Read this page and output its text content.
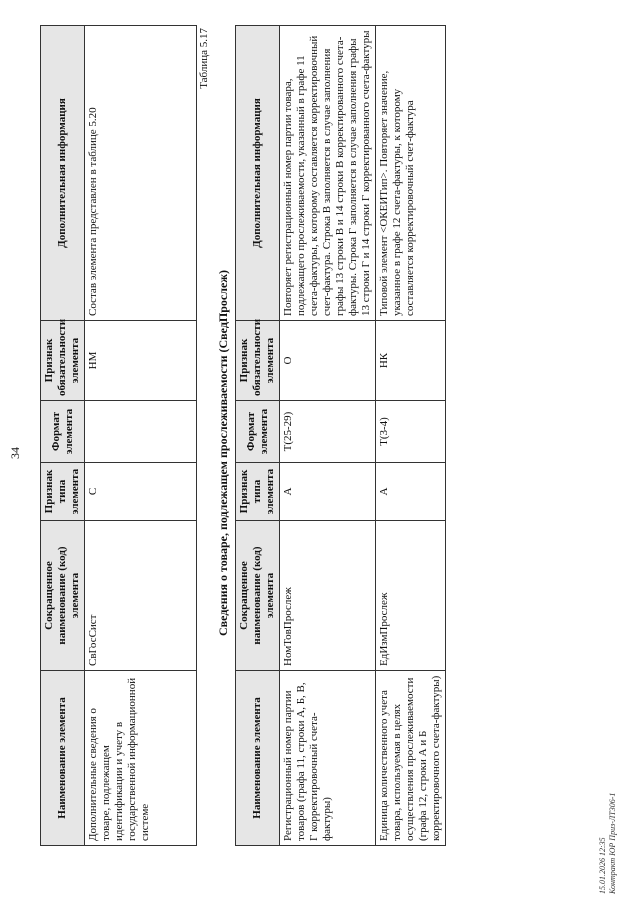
34
Наименование элемента	Сокращенное наименование (код) элемента	Признак типа элемента	Формат элемента	Признак обязательности элемента	Дополнительная информация
Дополнительные сведения о товаре, подлежащем идентификации и учету в государственной информационной системе	СвГосСист	С		НМ	Состав элемента представлен в таблице 5.20
Таблица 5.17
Сведения о товаре, подлежащем прослеживаемости (СведПрослеж)
Наименование элемента	Сокращенное наименование (код) элемента	Признак типа элемента	Формат элемента	Признак обязательности элемента	Дополнительная информация
Регистрационный номер партии товаров (графа 11, строки А, Б, В, Г корректировочный счета-фактуры)	НомТовПрослеж	А	Т(25-29)	О	Повторяет регистрационный номер партии товара, подлежащего прослеживаемости, указанный в графе 11 счета-фактуры, к которому составляется корректировочный счет-фактура. Строка В заполняется в случае заполнения графы 13 строки В и 14 строки В корректированного счета-фактуры. Строка Г заполняется в случае заполнения графы 13 строки Г и 14 строки Г корректированного счета-фактуры
Единица количественного учета товара, используемая в целях осуществления прослеживаемости (графа 12, строки А и Б корректировочного счета-фактуры)	ЕдИзмПрослеж	А	Т(3-4)	НК	Типовой элемент <ОКЕИТип>. Повторяет значение, указанное в графе 12 счета-фактуры, к которому составляется корректировочный счет-фактура
15.01.2026 12:35 Контракт ЮР Приз-ЛТ306-1
